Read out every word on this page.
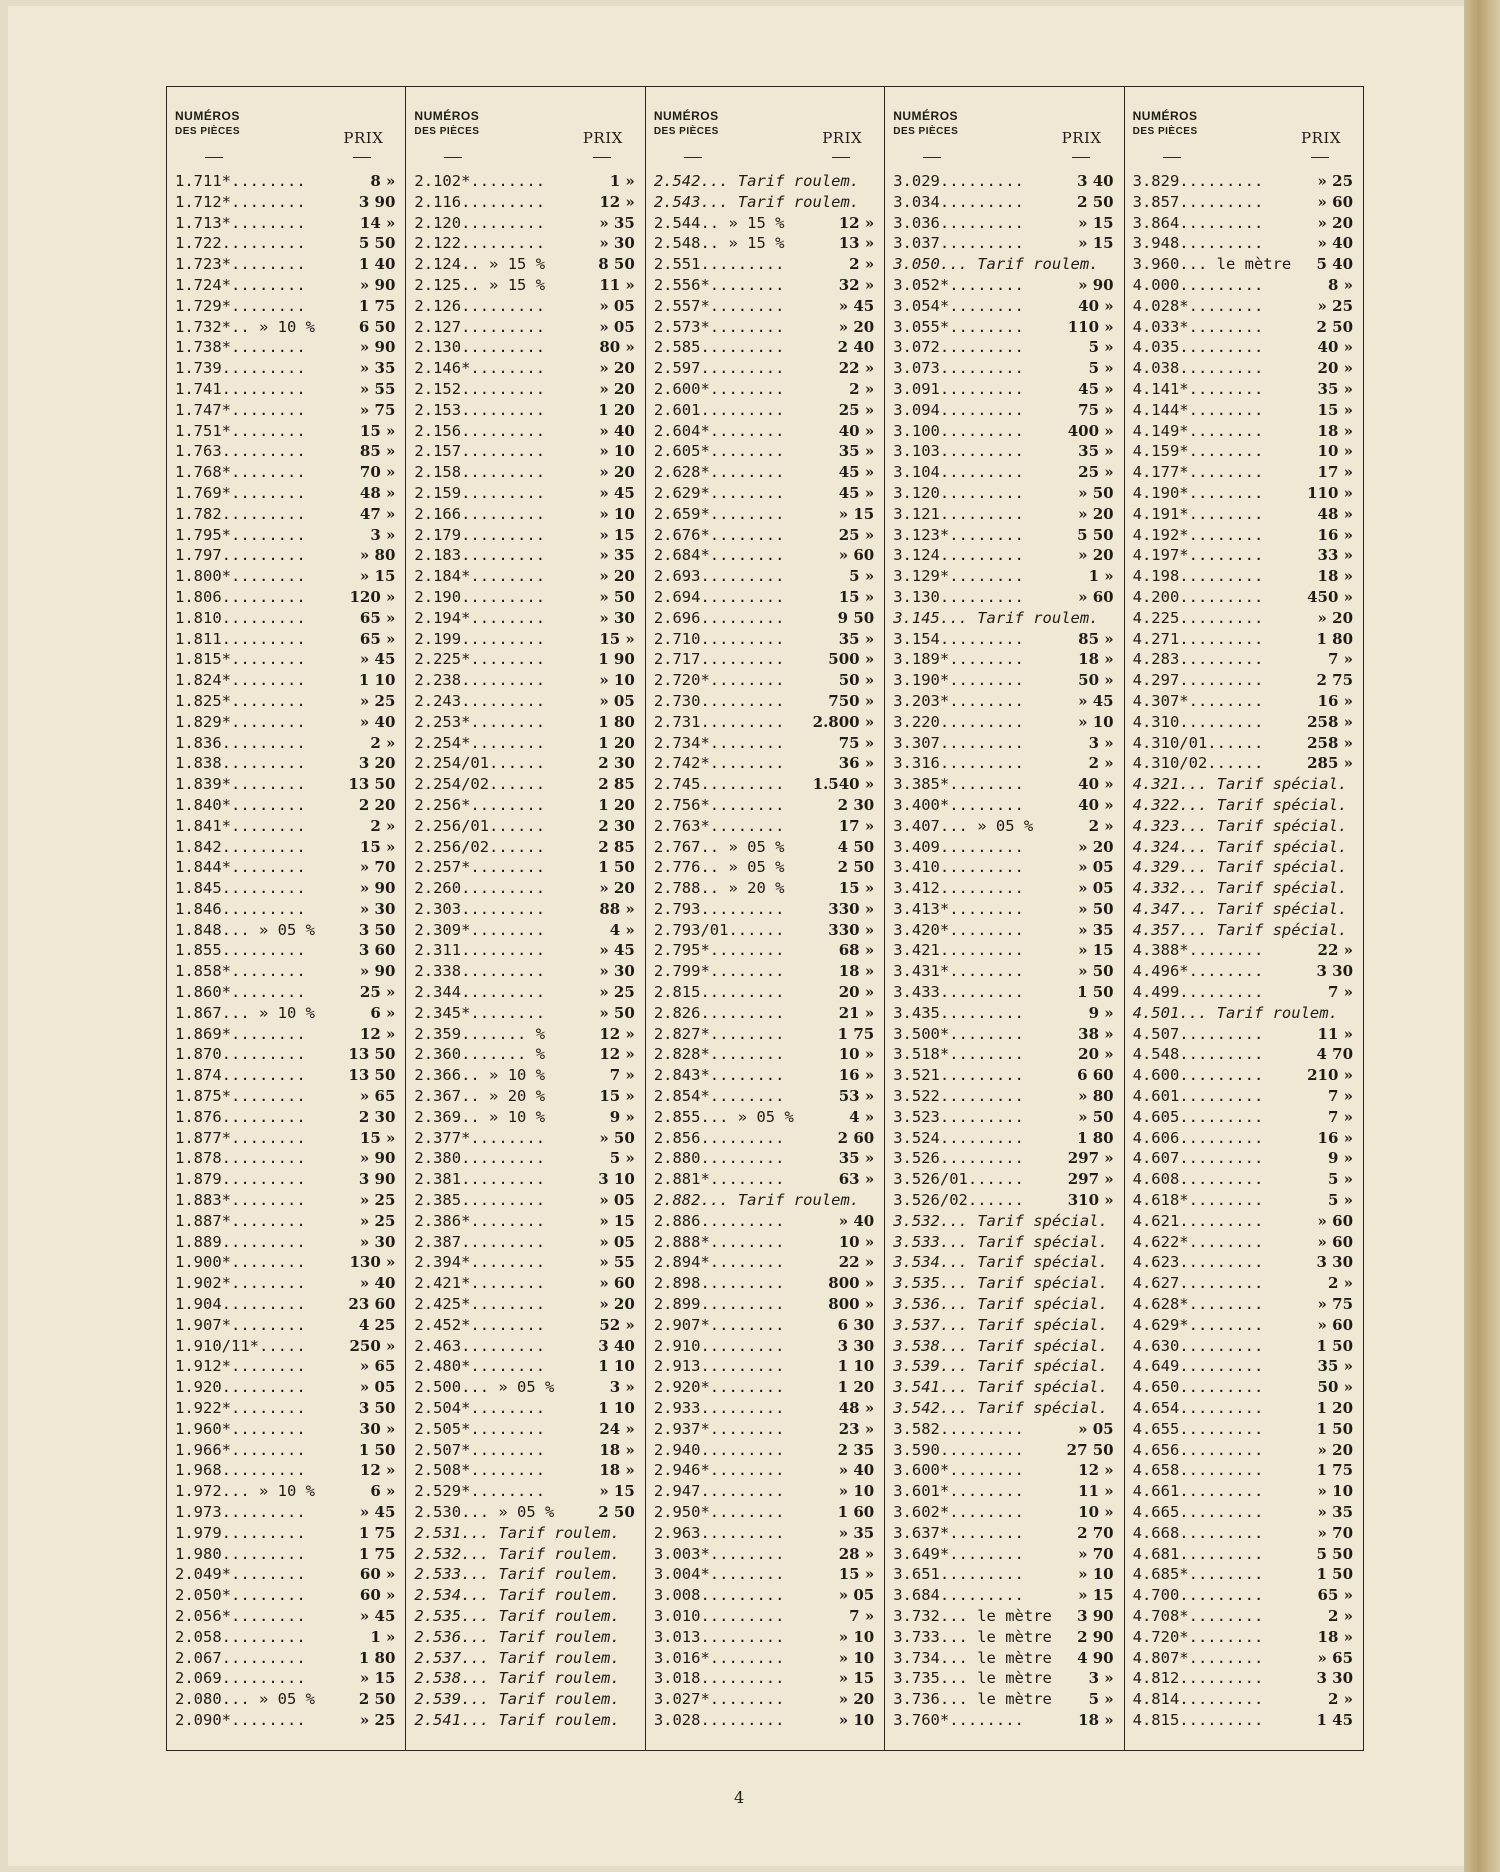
NUMÉROS
DES PIÈCES	PRIX
1.711*........	8 »
1.712*........	3 90
1.713*........	14 »
1.722.........	5 50
1.723*........	1 40
1.724*........	» 90
1.729*........	1 75
1.732*.. » 10 %	6 50
1.738*........	» 90
1.739.........	» 35
1.741.........	» 55
1.747*........	» 75
1.751*........	15 »
1.763.........	85 »
1.768*........	70 »
1.769*........	48 »
1.782.........	47 »
1.795*........	3 »
1.797.........	» 80
1.800*........	» 15
1.806.........	120 »
1.810.........	65 »
1.811.........	65 »
1.815*........	» 45
1.824*........	1 10
1.825*........	» 25
1.829*........	» 40
1.836.........	2 »
1.838.........	3 20
1.839*........	13 50
1.840*........	2 20
1.841*........	2 »
1.842.........	15 »
1.844*........	» 70
1.845.........	» 90
1.846.........	» 30
1.848... » 05 %	3 50
1.855.........	3 60
1.858*........	» 90
1.860*........	25 »
1.867... » 10 %	6 »
1.869*........	12 »
1.870.........	13 50
1.874.........	13 50
1.875*........	» 65
1.876.........	2 30
1.877*........	15 »
1.878.........	» 90
1.879.........	3 90
1.883*........	» 25
1.887*........	» 25
1.889.........	» 30
1.900*........	130 »
1.902*........	» 40
1.904.........	23 60
1.907*........	4 25
1.910/11*.....	250 »
1.912*........	» 65
1.920.........	» 05
1.922*........	3 50
1.960*........	30 »
1.966*........	1 50
1.968.........	12 »
1.972... » 10 %	6 »
1.973.........	» 45
1.979.........	1 75
1.980.........	1 75
2.049*........	60 »
2.050*........	60 »
2.056*........	» 45
2.058.........	1 »
2.067.........	1 80
2.069.........	» 15
2.080... » 05 %	2 50
2.090*........	» 25
NUMÉROS
DES PIÈCES	PRIX
2.102*........	1 »
2.116.........	12 »
2.120.........	» 35
2.122.........	» 30
2.124.. » 15 %	8 50
2.125.. » 15 %	11 »
2.126.........	» 05
2.127.........	» 05
2.130.........	80 »
2.146*........	» 20
2.152.........	» 20
2.153.........	1 20
2.156.........	» 40
2.157.........	» 10
2.158.........	» 20
2.159.........	» 45
2.166.........	» 10
2.179.........	» 15
2.183.........	» 35
2.184*........	» 20
2.190.........	» 50
2.194*........	» 30
2.199.........	15 »
2.225*........	1 90
2.238.........	» 10
2.243.........	» 05
2.253*........	1 80
2.254*........	1 20
2.254/01......	2 30
2.254/02......	2 85
2.256*........	1 20
2.256/01......	2 30
2.256/02......	2 85
2.257*........	1 50
2.260.........	» 20
2.303.........	88 »
2.309*........	4 »
2.311.........	» 45
2.338.........	» 30
2.344.........	» 25
2.345*........	» 50
2.359....... %	12 »
2.360....... %	12 »
2.366.. » 10 %	7 »
2.367.. » 20 %	15 »
2.369.. » 10 %	9 »
2.377*........	» 50
2.380.........	5 »
2.381.........	3 10
2.385.........	» 05
2.386*........	» 15
2.387.........	» 05
2.394*........	» 55
2.421*........	» 60
2.425*........	» 20
2.452*........	52 »
2.463.........	3 40
2.480*........	1 10
2.500... » 05 %	3 »
2.504*........	1 10
2.505*........	24 »
2.507*........	18 »
2.508*........	18 »
2.529*........	» 15
2.530... » 05 %	2 50
2.531... Tarif roulem.
2.532... Tarif roulem.
2.533... Tarif roulem.
2.534... Tarif roulem.
2.535... Tarif roulem.
2.536... Tarif roulem.
2.537... Tarif roulem.
2.538... Tarif roulem.
2.539... Tarif roulem.
2.541... Tarif roulem.
NUMÉROS
DES PIÈCES	PRIX
2.542... Tarif roulem.
2.543... Tarif roulem.
2.544.. » 15 %	12 »
2.548.. » 15 %	13 »
2.551.........	2 »
2.556*........	32 »
2.557*........	» 45
2.573*........	» 20
2.585.........	2 40
2.597.........	22 »
2.600*........	2 »
2.601.........	25 »
2.604*........	40 »
2.605*........	35 »
2.628*........	45 »
2.629*........	45 »
2.659*........	» 15
2.676*........	25 »
2.684*........	» 60
2.693.........	5 »
2.694.........	15 »
2.696.........	9 50
2.710.........	35 »
2.717.........	500 »
2.720*........	50 »
2.730.........	750 »
2.731......... 2.800 »
2.734*........	75 »
2.742*........	36 »
2.745......... 1.540 »
2.756*........	2 30
2.763*........	17 »
2.767.. » 05 %	4 50
2.776.. » 05 %	2 50
2.788.. » 20 %	15 »
2.793.........	330 »
2.793/01......	330 »
2.795*........	68 »
2.799*........	18 »
2.815.........	20 »
2.826.........	21 »
2.827*........	1 75
2.828*........	10 »
2.843*........	16 »
2.854*........	53 »
2.855... » 05 %	4 »
2.856.........	2 60
2.880.........	35 »
2.881*........	63 »
2.882... Tarif roulem.
2.886.........	» 40
2.888*........	10 »
2.894*........	22 »
2.898.........	800 »
2.899.........	800 »
2.907*........	6 30
2.910.........	3 30
2.913.........	1 10
2.920*........	1 20
2.933.........	48 »
2.937*........	23 »
2.940.........	2 35
2.946*........	» 40
2.947.........	» 10
2.950*........	1 60
2.963.........	» 35
3.003*........	28 »
3.004*........	15 »
3.008.........	» 05
3.010.........	7 »
3.013.........	» 10
3.016*........	» 10
3.018.........	» 15
3.027*........	» 20
3.028.........	» 10
NUMÉROS
DES PIÈCES	PRIX
3.029.........	3 40
3.034.........	2 50
3.036.........	» 15
3.037.........	» 15
3.050... Tarif roulem.
3.052*........	» 90
3.054*........	40 »
3.055*........	110 »
3.072.........	5 »
3.073.........	5 »
3.091.........	45 »
3.094.........	75 »
3.100.........	400 »
3.103.........	35 »
3.104.........	25 »
3.120.........	» 50
3.121.........	» 20
3.123*........	5 50
3.124.........	» 20
3.129*........	1 »
3.130.........	» 60
3.145... Tarif roulem.
3.154.........	85 »
3.189*........	18 »
3.190*........	50 »
3.203*........	» 45
3.220.........	» 10
3.307.........	3 »
3.316.........	2 »
3.385*........	40 »
3.400*........	40 »
3.407... » 05 %	2 »
3.409.........	» 20
3.410.........	» 05
3.412.........	» 05
3.413*........	» 50
3.420*........	» 35
3.421.........	» 15
3.431*........	» 50
3.433.........	1 50
3.435.........	9 »
3.500*........	38 »
3.518*........	20 »
3.521.........	6 60
3.522.........	» 80
3.523.........	» 50
3.524.........	1 80
3.526.........	297 »
3.526/01......	297 »
3.526/02......	310 »
3.532... Tarif spécial.
3.533... Tarif spécial.
3.534... Tarif spécial.
3.535... Tarif spécial.
3.536... Tarif spécial.
3.537... Tarif spécial.
3.538... Tarif spécial.
3.539... Tarif spécial.
3.541... Tarif spécial.
3.542... Tarif spécial.
3.582.........	» 05
3.590.........	27 50
3.600*........	12 »
3.601*........	11 »
3.602*........	10 »
3.637*........	2 70
3.649*........	» 70
3.651.........	» 10
3.684.........	» 15
3.732... le mètre 3 90
3.733... le mètre 2 90
3.734... le mètre 4 90
3.735... le mètre 3 »
3.736... le mètre 5 »
3.760*........	18 »
NUMÉROS
DES PIÈCES	PRIX
3.829.........	» 25
3.857.........	» 60
3.864.........	» 20
3.948.........	» 40
3.960... le mètre 5 40
4.000.........	8 »
4.028*........	» 25
4.033*........	2 50
4.035.........	40 »
4.038.........	20 »
4.141*........	35 »
4.144*........	15 »
4.149*........	18 »
4.159*........	10 »
4.177*........	17 »
4.190*........	110 »
4.191*........	48 »
4.192*........	16 »
4.197*........	33 »
4.198.........	18 »
4.200.........	450 »
4.225.........	» 20
4.271.........	1 80
4.283.........	7 »
4.297.........	2 75
4.307*........	16 »
4.310.........	258 »
4.310/01......	258 »
4.310/02......	285 »
4.321... Tarif spécial.
4.322... Tarif spécial.
4.323... Tarif spécial.
4.324... Tarif spécial.
4.329... Tarif spécial.
4.332... Tarif spécial.
4.347... Tarif spécial.
4.357... Tarif spécial.
4.388*........	22 »
4.496*........	3 30
4.499.........	7 »
4.501... Tarif roulem.
4.507.........	11 »
4.548.........	4 70
4.600.........	210 »
4.601.........	7 »
4.605.........	7 »
4.606.........	16 »
4.607.........	9 »
4.608.........	5 »
4.618*........	5 »
4.621.........	» 60
4.622*........	» 60
4.623.........	3 30
4.627.........	2 »
4.628*........	» 75
4.629*........	» 60
4.630.........	1 50
4.649.........	35 »
4.650.........	50 »
4.654.........	1 20
4.655.........	1 50
4.656.........	» 20
4.658.........	1 75
4.661.........	» 10
4.665.........	» 35
4.668.........	» 70
4.681.........	5 50
4.685*........	1 50
4.700.........	65 »
4.708*........	2 »
4.720*........	18 »
4.807*........	» 65
4.812.........	3 30
4.814.........	2 »
4.815.........	1 45
4
